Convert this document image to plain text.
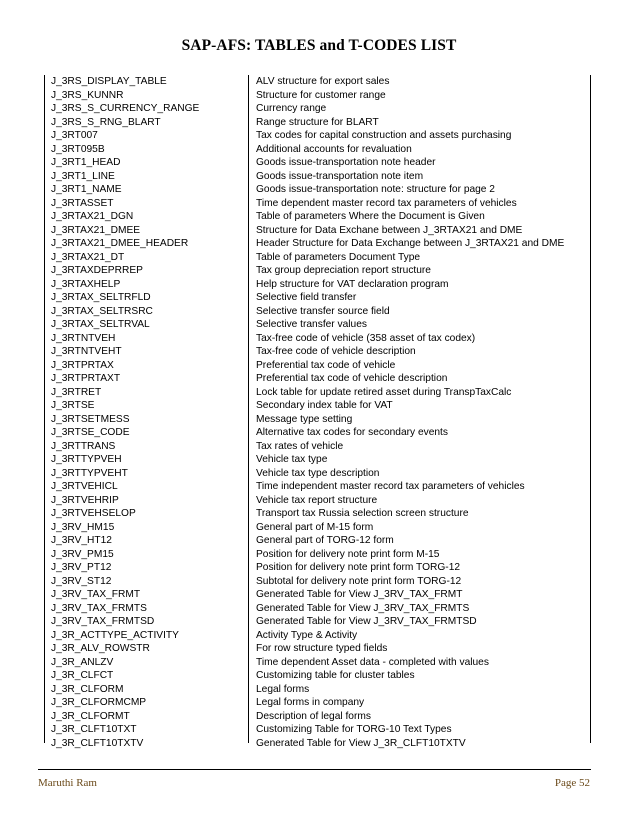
SAP-AFS: TABLES and T-CODES LIST
J_3RS_DISPLAY_TABLE	ALV structure for export sales
J_3RS_KUNNR	Structure for customer range
J_3RS_S_CURRENCY_RANGE	Currency range
J_3RS_S_RNG_BLART	Range structure for BLART
J_3RT007	Tax codes for capital construction and assets purchasing
J_3RT095B	Additional accounts for revaluation
J_3RT1_HEAD	Goods issue-transportation note header
J_3RT1_LINE	Goods issue-transportation note item
J_3RT1_NAME	Goods issue-transportation note: structure for page 2
J_3RTASSET	Time dependent master record tax parameters of vehicles
J_3RTAX21_DGN	Table of parameters Where the Document is Given
J_3RTAX21_DMEE	Structure for Data Exchane between J_3RTAX21 and DME
J_3RTAX21_DMEE_HEADER	Header Structure for Data Exchange between J_3RTAX21 and DME
J_3RTAX21_DT	Table of parameters Document Type
J_3RTAXDEPRREP	Tax group depreciation report structure
J_3RTAXHELP	Help structure for VAT declaration program
J_3RTAX_SELTRFLD	Selective field transfer
J_3RTAX_SELTRSRC	Selective transfer source field
J_3RTAX_SELTRVAL	Selective transfer values
J_3RTNTVEH	Tax-free code of vehicle (358 asset of tax codex)
J_3RTNTVEHT	Tax-free code of vehicle description
J_3RTPRTAX	Preferential tax code of vehicle
J_3RTPRTAXT	Preferential tax code of vehicle description
J_3RTRET	Lock table for update retired asset during TranspTaxCalc
J_3RTSE	Secondary index table for VAT
J_3RTSETMESS	Message type setting
J_3RTSE_CODE	Alternative tax codes for secondary events
J_3RTTRANS	Tax rates of vehicle
J_3RTTYPVEH	Vehicle tax type
J_3RTTYPVEHT	Vehicle tax type description
J_3RTVEHICL	Time independent master record tax parameters of vehicles
J_3RTVEHRIP	Vehicle tax report structure
J_3RTVEHSELOP	Transport tax Russia selection screen structure
J_3RV_HM15	General part of M-15 form
J_3RV_HT12	General part of TORG-12 form
J_3RV_PM15	Position for delivery note print form M-15
J_3RV_PT12	Position for delivery note print form TORG-12
J_3RV_ST12	Subtotal for delivery note print form TORG-12
J_3RV_TAX_FRMT	Generated Table for View J_3RV_TAX_FRMT
J_3RV_TAX_FRMTS	Generated Table for View J_3RV_TAX_FRMTS
J_3RV_TAX_FRMTSD	Generated Table for View J_3RV_TAX_FRMTSD
J_3R_ACTTYPE_ACTIVITY	Activity Type & Activity
J_3R_ALV_ROWSTR	For row structure typed fields
J_3R_ANLZV	Time dependent Asset data - completed with values
J_3R_CLFCT	Customizing table for cluster tables
J_3R_CLFORM	Legal forms
J_3R_CLFORMCMP	Legal forms in company
J_3R_CLFORMT	Description of legal forms
J_3R_CLFT10TXT	Customizing Table for TORG-10 Text Types
J_3R_CLFT10TXTV	Generated Table for View J_3R_CLFT10TXTV
Maruthi Ram	Page 52
